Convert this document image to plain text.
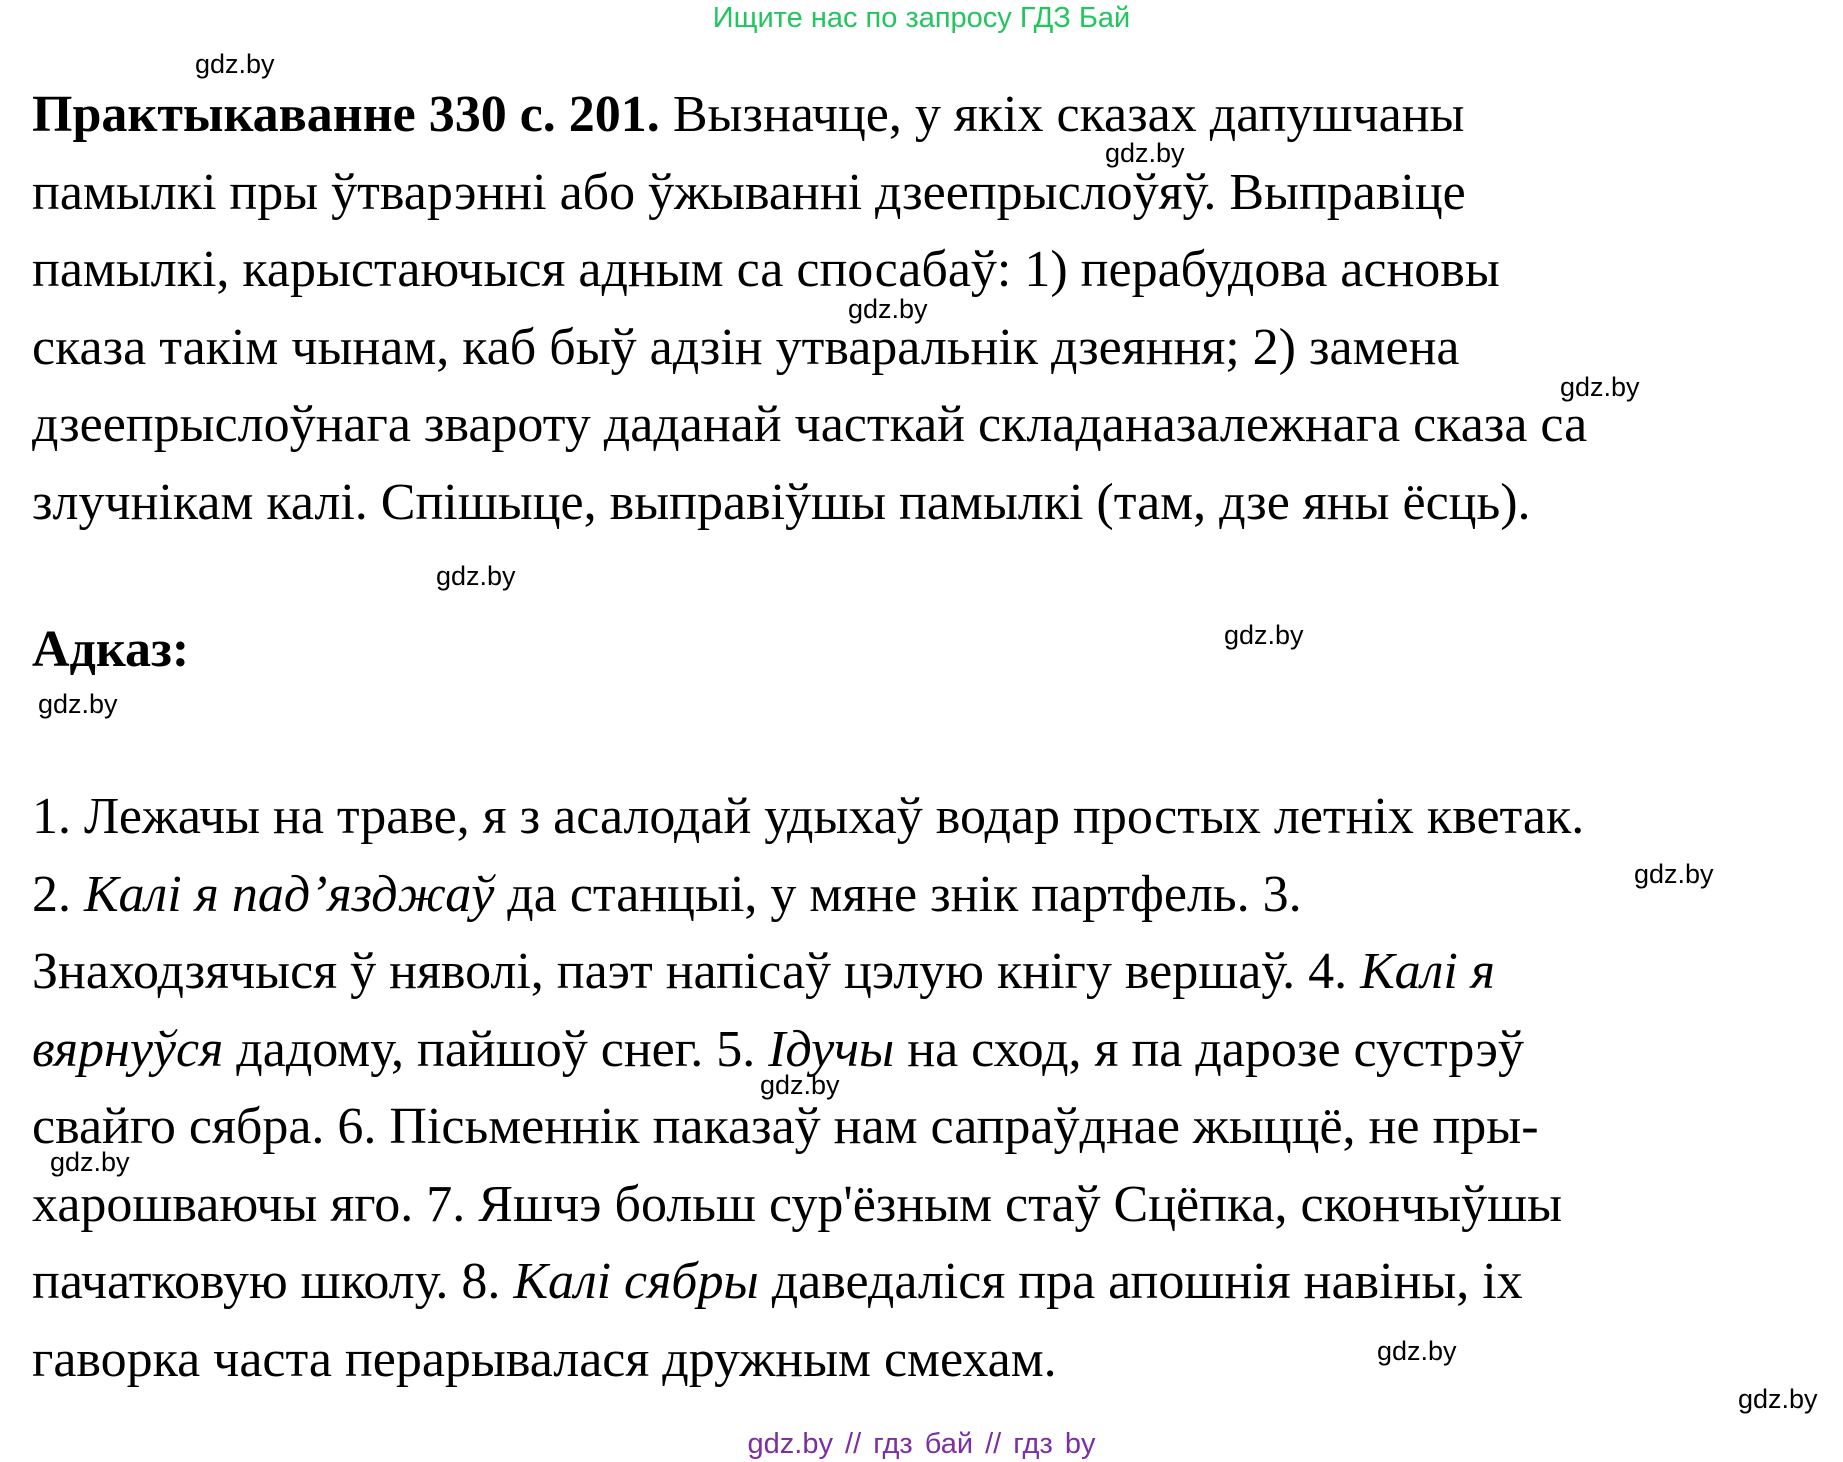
Ищите нас по запросу ГДЗ Бай
gdz.by
gdz.by
gdz.by
gdz.by
gdz.by
gdz.by
gdz.by
gdz.by
gdz.by
gdz.by
gdz.by
gdz.by
Практыкаванне 330 с. 201. Вызначце, у якіх сказах дапушчаны
памылкі пры ўтварэнні або ўжыванні дзеепрыслоўяў. Выправіце
памылкі, карыстаючыся адным са спосабаў: 1) перабудова асновы
сказа такім чынам, каб быў адзін утваральнік дзеяння; 2) замена
дзеепрыслоўнага звароту даданай часткай складаназалежнага сказа са
злучнікам калі. Спішыце, выправіўшы памылкі (там, дзе яны ёсць).
Адказ:
1. Лежачы на траве, я з асалодай удыхаў водар простых летніх кветак.
2. Калі я пад’язджаў да станцыі, у мяне знік партфель. 3.
Знаходзячыся ў няволі, паэт напісаў цэлую кнігу вершаў. 4. Калі я
вярнуўся дадому, пайшоў снег. 5. Ідучы на сход, я па дарозе сустрэў
свайго сябра. 6. Пісьменнік паказаў нам сапраўднае жыццё, не пры-
харошваючы яго. 7. Яшчэ больш сур'ёзным стаў Сцёпка, скончыўшы
пачатковую школу. 8. Калі сябры даведаліся пра апошнія навіны, іх
гаворка часта перарывалася дружным смехам.
gdz.by // гдз бай // гдз by
